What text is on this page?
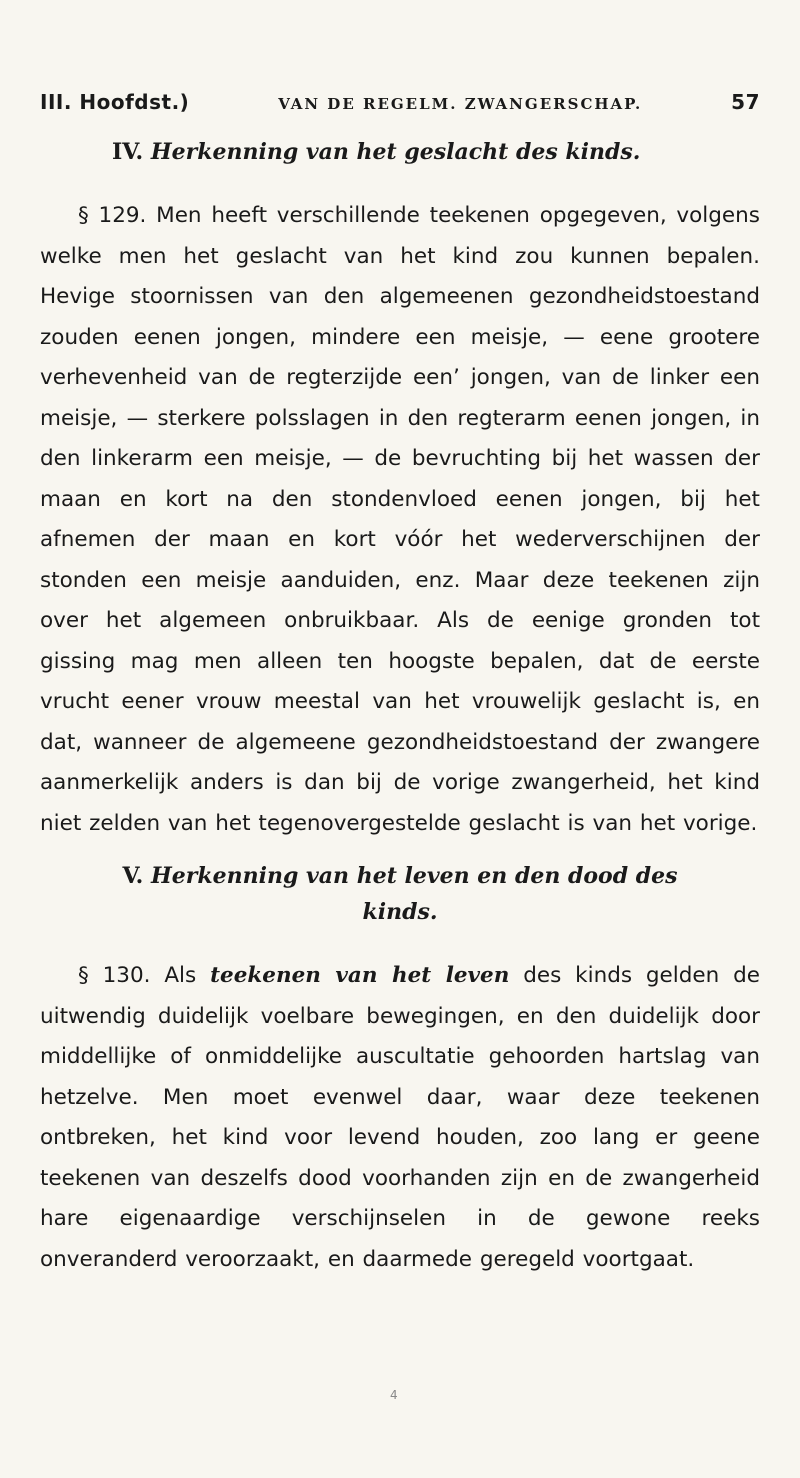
III. Hoofdst.)	VAN DE REGELM. ZWANGERSCHAP.	57
IV. Herkenning van het geslacht des kinds.

§ 129. Men heeft verschillende teekenen opgegeven, volgens welke men het geslacht van het kind zou kunnen bepalen. Hevige stoornissen van den algemeenen gezondheidstoestand zouden eenen jongen, mindere een meisje, — eene grootere verhevenheid van de regterzijde een’ jongen, van de linker een meisje, — sterkere polsslagen in den regterarm eenen jongen, in den linkerarm een meisje, — de bevruchting bij het wassen der maan en kort na den stondenvloed eenen jongen, bij het afnemen der maan en kort vóór het wederverschijnen der stonden een meisje aanduiden, enz. Maar deze teekenen zijn over het algemeen onbruikbaar. Als de eenige gronden tot gissing mag men alleen ten hoogste bepalen, dat de eerste vrucht eener vrouw meestal van het vrouwelijk geslacht is, en dat, wanneer de algemeene gezondheidstoestand der zwangere aanmerkelijk anders is dan bij de vorige zwangerheid, het kind niet zelden van het tegenovergestelde geslacht is van het vorige.

V. Herkenning van het leven en den dood des
kinds.

§ 130. Als teekenen van het leven des kinds gelden de uitwendig duidelijk voelbare bewegingen, en den duidelijk door middellijke of onmiddelijke auscultatie gehoorden hartslag van hetzelve. Men moet evenwel daar, waar deze teekenen ontbreken, het kind voor levend houden, zoo lang er geene teekenen van deszelfs dood voorhanden zijn en de zwangerheid hare eigenaardige verschijnselen in de gewone reeks onveranderd veroorzaakt, en daarmede geregeld voortgaat.

4
